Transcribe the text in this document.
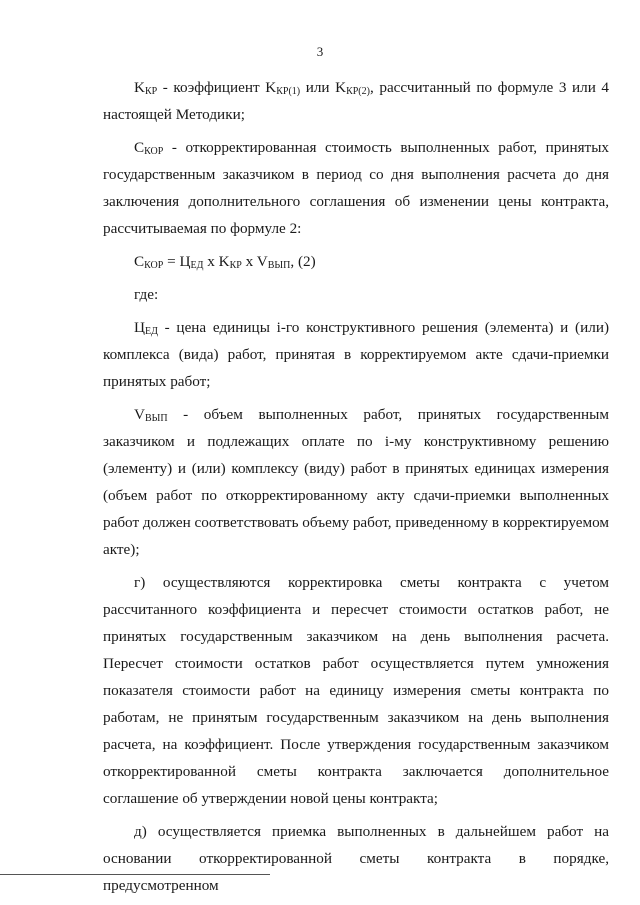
3

$K_{КР}$ - коэффициент $K_{КР(1)}$ или $K_{КР(2)}$, рассчитанный по формуле 3 или 4 настоящей Методики;

$С_{КОР}$ - откорректированная стоимость выполненных работ, принятых государственным заказчиком в период со дня выполнения расчета до дня заключения дополнительного соглашения об изменении цены контракта, рассчитываемая по формуле 2:

$С_{КОР} = Ц_{ЕД}$ x $K_{КР}$ x $V_{ВЫП}$, (2)

где:

$Ц_{ЕД}$ - цена единицы i-го конструктивного решения (элемента) и (или) комплекса (вида) работ, принятая в корректируемом акте сдачи-приемки принятых работ;

$V_{ВЫП}$ - объем выполненных работ, принятых государственным заказчиком и подлежащих оплате по i-му конструктивному решению (элементу) и (или) комплексу (виду) работ в принятых единицах измерения (объем работ по откорректированному акту сдачи-приемки выполненных работ должен соответствовать объему работ, приведенному в корректируемом акте);

г) осуществляются корректировка сметы контракта с учетом рассчитанного коэффициента и пересчет стоимости остатков работ, не принятых государственным заказчиком на день выполнения расчета. Пересчет стоимости остатков работ осуществляется путем умножения показателя стоимости работ на единицу измерения сметы контракта по работам, не принятым государственным заказчиком на день выполнения расчета, на коэффициент. После утверждения государственным заказчиком откорректированной сметы контракта заключается дополнительное соглашение об утверждении новой цены контракта;

д) осуществляется приемка выполненных в дальнейшем работ на основании откорректированной сметы контракта в порядке, предусмотренном
